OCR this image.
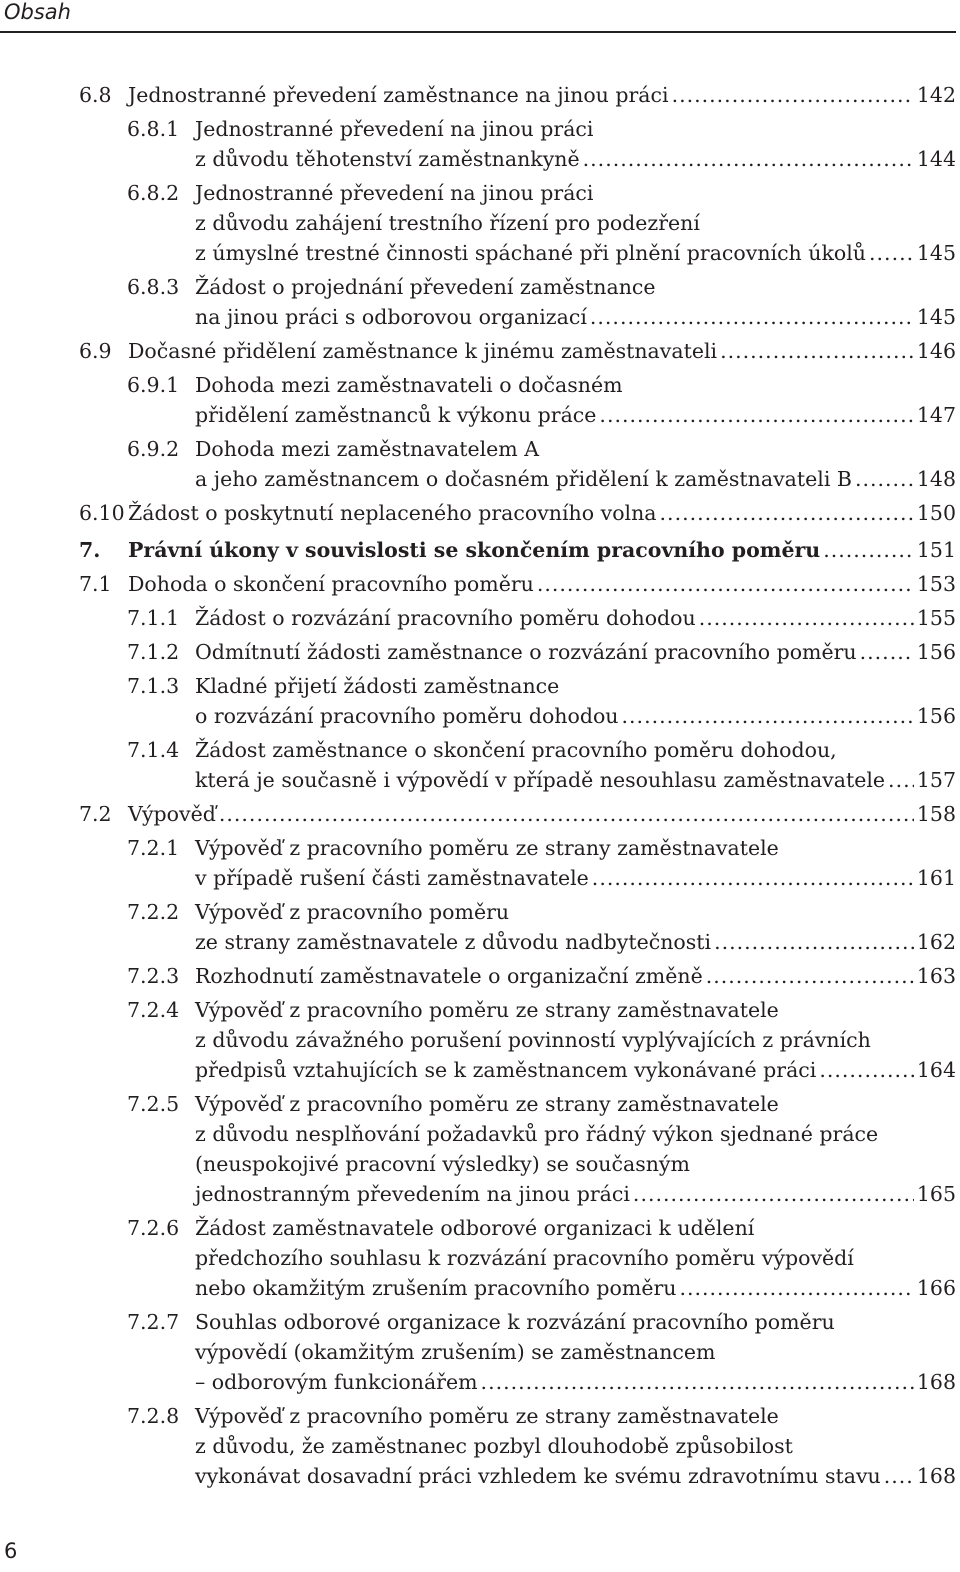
Obsah
6.8 Jednostranné převedení zaměstnance na jinou práci .....	142
6.8.1 Jednostranné převedení na jinou práci
z důvodu těhotenství zaměstnankyně .....	144
6.8.2 Jednostranné převedení na jinou práci
z důvodu zahájení trestního řízení pro podezření
z úmyslné trestné činnosti spáchané při plnění pracovních úkolů ..... 145
6.8.3 Žádost o projednání převedení zaměstnance
na jinou práci s odborovou organizací .....	145
6.9 Dočasné přidělení zaměstnance k jinému zaměstnavateli .....	146
6.9.1 Dohoda mezi zaměstnavateli o dočasném
přidělení zaměstnanců k výkonu práce .....	147
6.9.2 Dohoda mezi zaměstnavatelem A
a jeho zaměstnancem o dočasném přidělení k zaměstnavateli B .....	148
6.10 Žádost o poskytnutí neplaceného pracovního volna .....	150
7. Právní úkony v souvislosti se skončením pracovního poměru .....	151
7.1 Dohoda o skončení pracovního poměru .....	153
7.1.1 Žádost o rozvázání pracovního poměru dohodou .....	155
7.1.2 Odmítnutí žádosti zaměstnance o rozvázání pracovního poměru .....	156
7.1.3 Kladné přijetí žádosti zaměstnance
o rozvázání pracovního poměru dohodou .....	156
7.1.4 Žádost zaměstnance o skončení pracovního poměru dohodou,
která je současně i výpovědí v případě nesouhlasu zaměstnavatele ..... 157
7.2 Výpověď .....	158
7.2.1 Výpověď z pracovního poměru ze strany zaměstnavatele
v případě rušení části zaměstnavatele .....	161
7.2.2 Výpověď z pracovního poměru
ze strany zaměstnavatele z důvodu nadbytečnosti .....	162
7.2.3 Rozhodnutí zaměstnavatele o organizační změně .....	163
7.2.4 Výpověď z pracovního poměru ze strany zaměstnavatele
z důvodu závažného porušení povinností vyplývajících z právních
předpisů vztahujících se k zaměstnancem vykonávané práci .....	164
7.2.5 Výpověď z pracovního poměru ze strany zaměstnavatele
z důvodu nesplňování požadavků pro řádný výkon sjednané práce
(neuspokojivé pracovní výsledky) se současným
jednostranným převedením na jinou práci .....	165
7.2.6 Žádost zaměstnavatele odborové organizaci k udělení
předchozího souhlasu k rozvázání pracovního poměru výpovědí
nebo okamžitým zrušením pracovního poměru .....	166
7.2.7 Souhlas odborové organizace k rozvázání pracovního poměru
výpovědí (okamžitým zrušením) se zaměstnancem
– odborovým funkcionářem .....	168
7.2.8 Výpověď z pracovního poměru ze strany zaměstnavatele
z důvodu, že zaměstnanec pozbyl dlouhodobě způsobilost
vykonávat dosavadní práci vzhledem ke svému zdravotnímu stavu ..... 168
6
